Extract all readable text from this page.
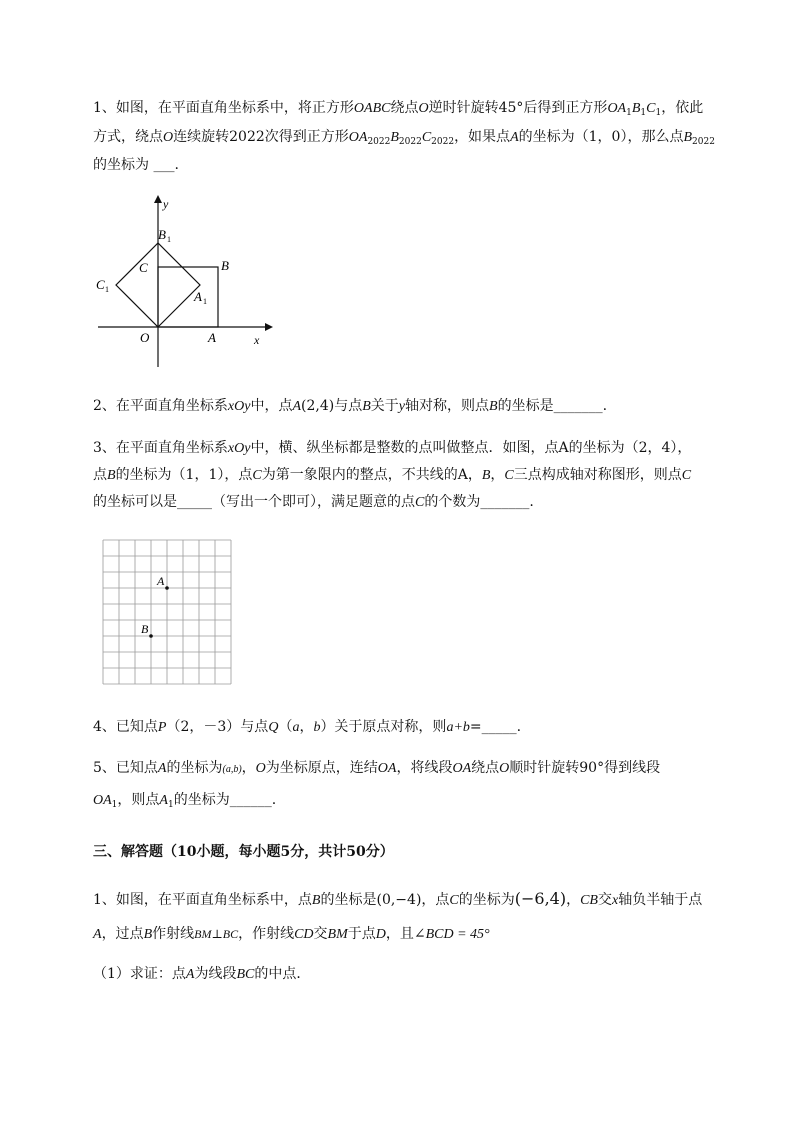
1、如图，在平面直角坐标系中，将正方形OABC绕点O逆时针旋转45°后得到正方形$OA_1B_1C_1$，依此
方式，绕点O连续旋转2022次得到正方形$OA_{2022}B_{2022}C_{2022}$，如果点A的坐标为（1，0），那么点$B_{2022}$
的坐标为 ___.
y
x
O	A
B
C
B 1
C 1	A 1
2、在平面直角坐标系xOy中，点A(2,4)与点B关于y轴对称，则点B的坐标是_______.
3、在平面直角坐标系xOy中，横、纵坐标都是整数的点叫做整点．如图，点A的坐标为（2，4），
点B的坐标为（1，1），点C为第一象限内的整点，不共线的A，B，C三点构成轴对称图形，则点C
的坐标可以是_____（写出一个即可），满足题意的点C的个数为_______.
A
B
4、已知点P（2，－3）与点Q（a，b）关于原点对称，则a+b=_____.
5、已知点A的坐标为(a,b)，O为坐标原点，连结OA，将线段OA绕点O顺时针旋转90°得到线段
$OA_1$，则点$A_1$的坐标为______.
三、解答题（10小题，每小题5分，共计50分）
1、如图，在平面直角坐标系中，点B的坐标是(0,−4)，点C的坐标为(−6,4)，CB交x轴负半轴于点
A，过点B作射线BM⊥BC，作射线CD交BM于点D，且∠BCD = 45°
（1）求证：点A为线段BC的中点．
